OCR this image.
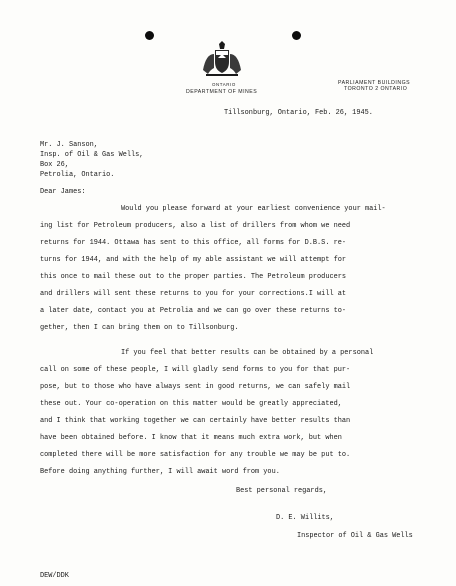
ONTARIO
DEPARTMENT OF MINES
PARLIAMENT BUILDINGS
TORONTO 2 ONTARIO
Tillsonburg, Ontario, Feb. 26, 1945.
Mr. J. Sanson,
Insp. of Oil & Gas Wells,
Box 26,
Petrolia, Ontario.
Dear James:
Would you please forward at your earliest convenience your mail-
ing list for Petroleum producers, also a list of drillers from whom we need
returns for 1944. Ottawa has sent to this office, all forms for D.B.S. re-
turns for 1944, and with the help of my able assistant we will attempt for
this once to mail these out to the proper parties. The Petroleum producers
and drillers will sent these returns to you for your corrections.I will at
a later date, contact you at Petrolia and we can go over these returns to-
gether, then I can bring them on to Tillsonburg.
If you feel that better results can be obtained by a personal
call on some of these people, I will gladly send forms to you for that pur-
pose, but to those who have always sent in good returns, we can safely mail
these out. Your co-operation on this matter would be greatly appreciated,
and I think that working together we can certainly have better results than
have been obtained before. I know that it means much extra work, but when
completed there will be more satisfaction for any trouble we may be put to.
Before doing anything further, I will await word from you.
Best personal regards,
D. E. Willits,
Inspector of Oil & Gas Wells
DEW/DDK
